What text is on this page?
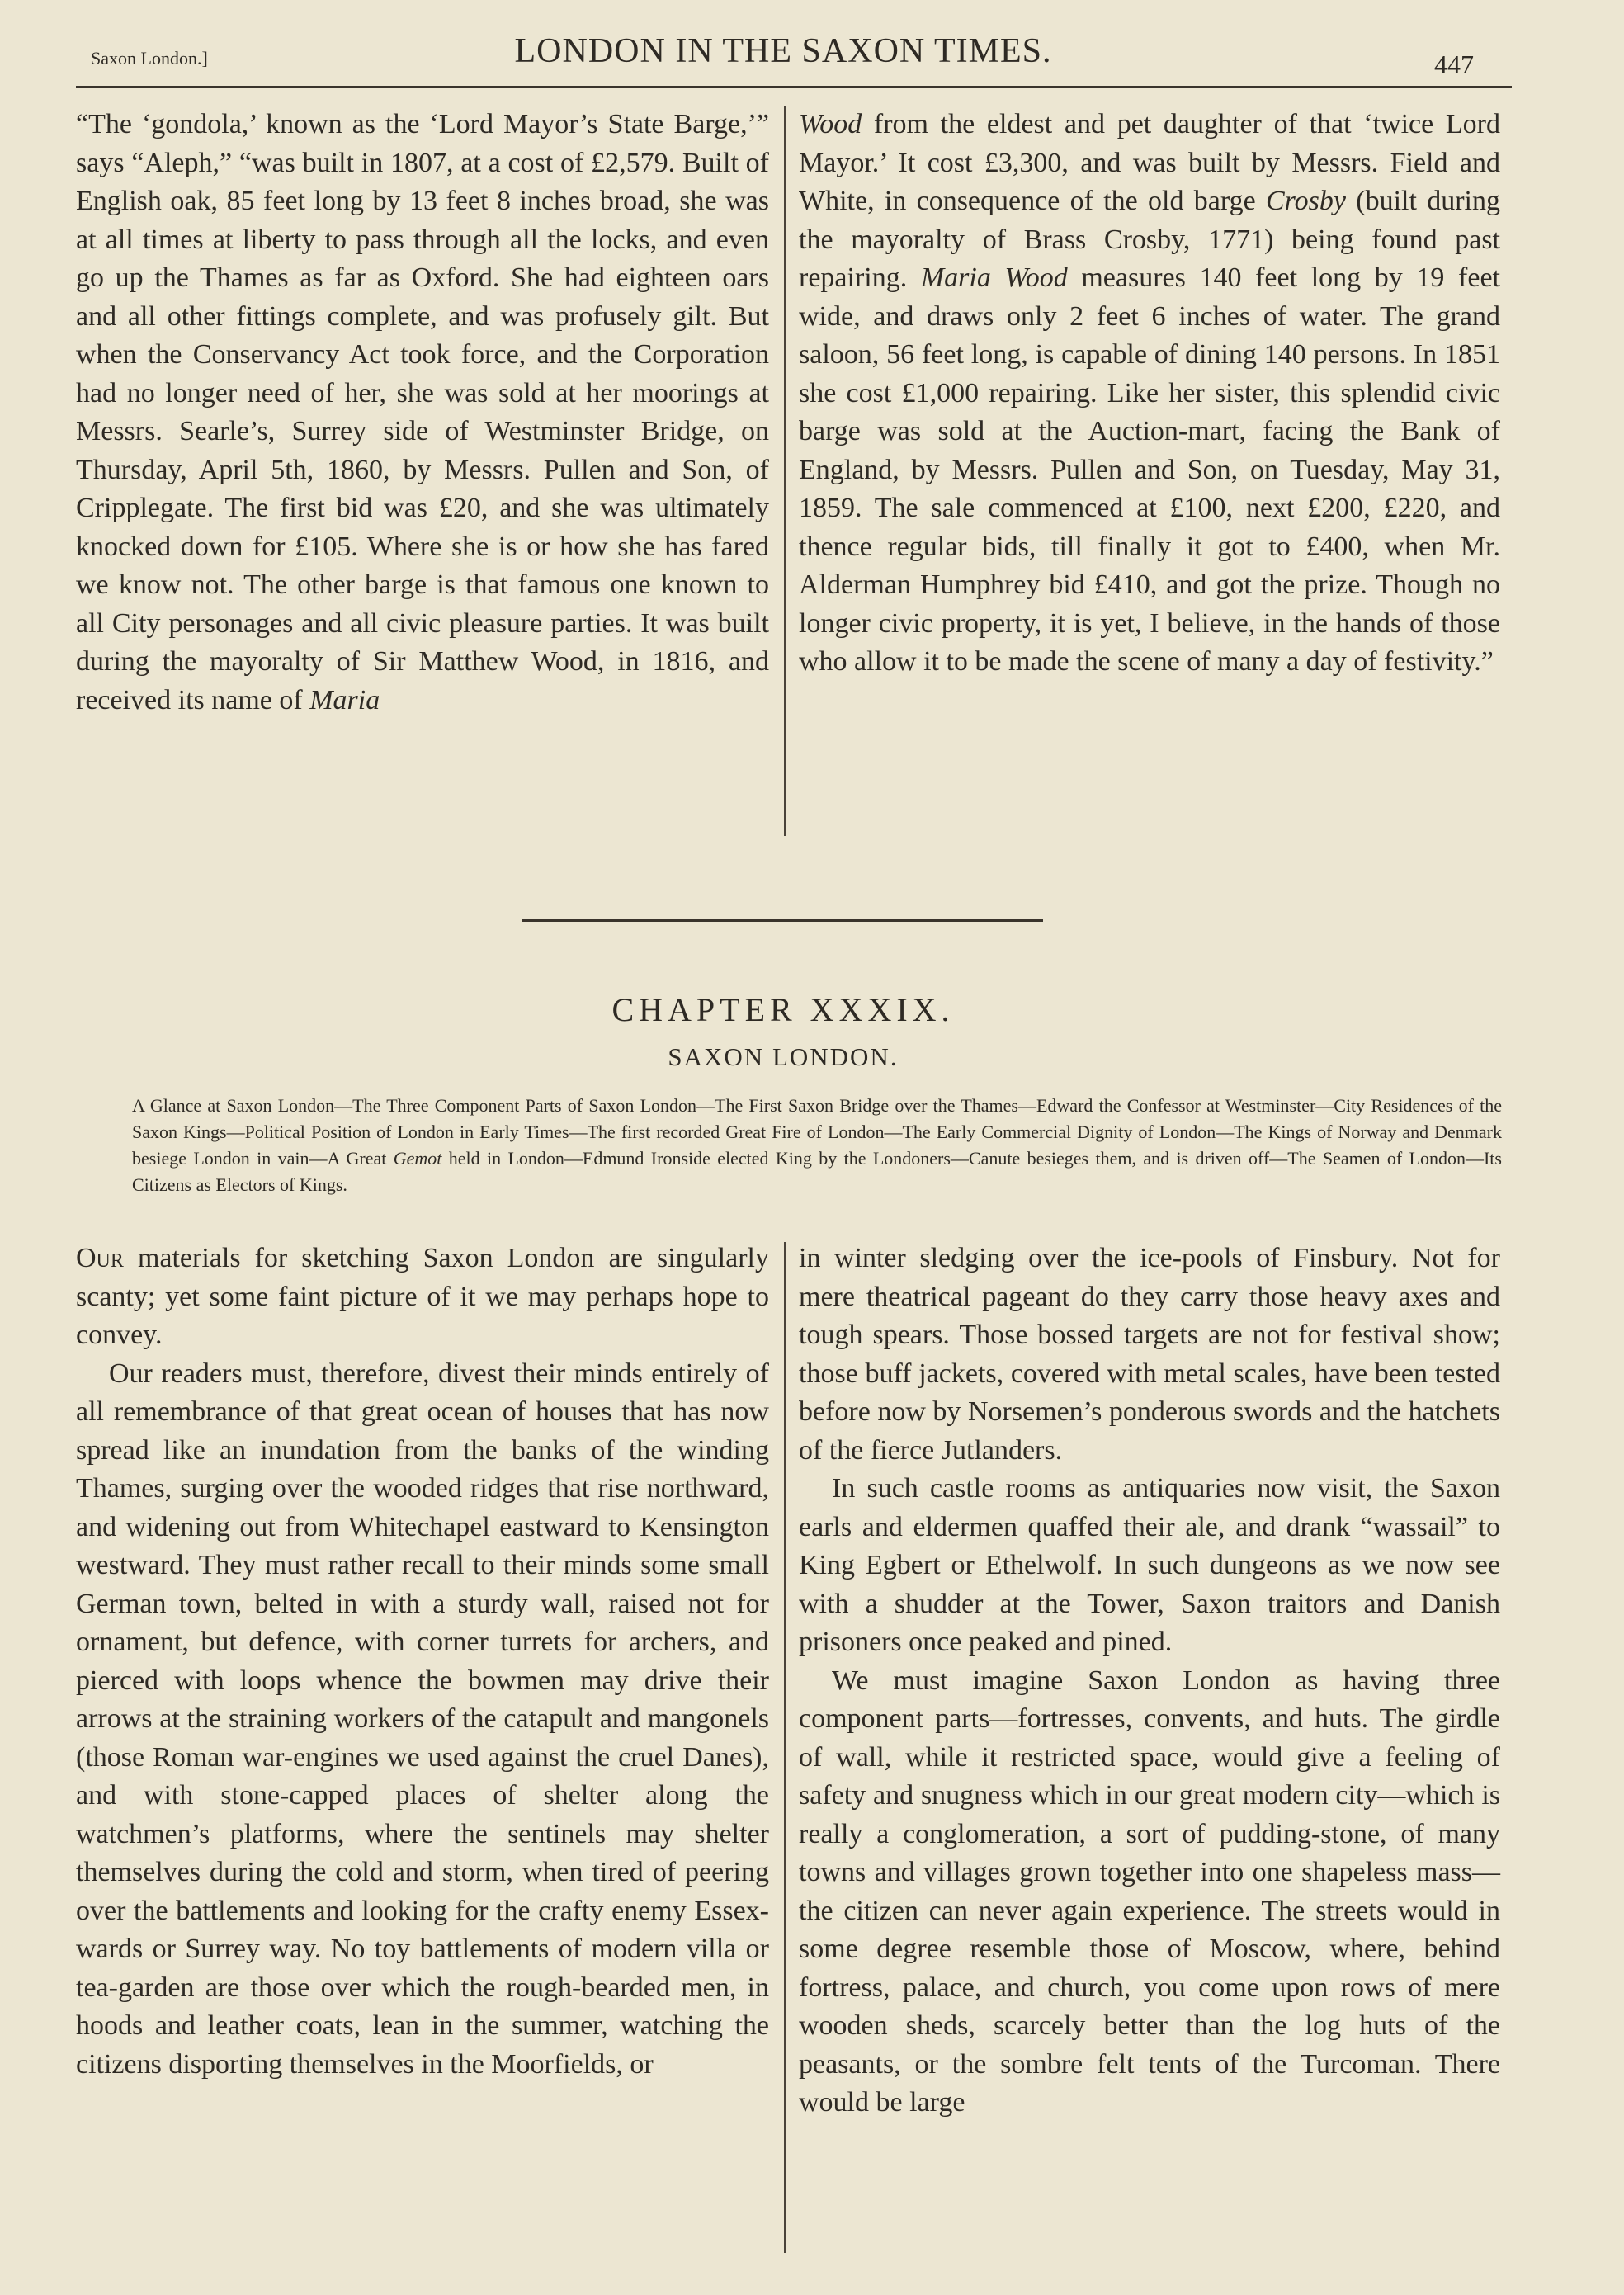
Saxon London.]	LONDON IN THE SAXON TIMES.	447

“The ‘gondola,’ known as the ‘Lord Mayor’s State Barge,’” says “Aleph,” “was built in 1807, at a cost of £2,579. Built of English oak, 85 feet long by 13 feet 8 inches broad, she was at all times at liberty to pass through all the locks, and even go up the Thames as far as Oxford. She had eighteen oars and all other fittings complete, and was profusely gilt. But when the Conservancy Act took force, and the Corporation had no longer need of her, she was sold at her moorings at Messrs. Searle’s, Surrey side of Westminster Bridge, on Thursday, April 5th, 1860, by Messrs. Pullen and Son, of Cripplegate. The first bid was £20, and she was ultimately knocked down for £105. Where she is or how she has fared we know not. The other barge is that famous one known to all City personages and all civic pleasure parties. It was built during the mayoralty of Sir Matthew Wood, in 1816, and received its name of Maria

Wood from the eldest and pet daughter of that ‘twice Lord Mayor.’ It cost £3,300, and was built by Messrs. Field and White, in consequence of the old barge Crosby (built during the mayoralty of Brass Crosby, 1771) being found past repairing. Maria Wood measures 140 feet long by 19 feet wide, and draws only 2 feet 6 inches of water. The grand saloon, 56 feet long, is capable of dining 140 persons. In 1851 she cost £1,000 repairing. Like her sister, this splendid civic barge was sold at the Auction-mart, facing the Bank of England, by Messrs. Pullen and Son, on Tuesday, May 31, 1859. The sale commenced at £100, next £200, £220, and thence regular bids, till finally it got to £400, when Mr. Alderman Humphrey bid £410, and got the prize. Though no longer civic property, it is yet, I believe, in the hands of those who allow it to be made the scene of many a day of festivity.”

CHAPTER XXXIX.
SAXON LONDON.
A Glance at Saxon London—The Three Component Parts of Saxon London—The First Saxon Bridge over the Thames—Edward the Confessor at Westminster—City Residences of the Saxon Kings—Political Position of London in Early Times—The first recorded Great Fire of London—The Early Commercial Dignity of London—The Kings of Norway and Denmark besiege London in vain—A Great Gemot held in London—Edmund Ironside elected King by the Londoners—Canute besieges them, and is driven off—The Seamen of London—Its Citizens as Electors of Kings.

Our materials for sketching Saxon London are singularly scanty; yet some faint picture of it we may perhaps hope to convey.

Our readers must, therefore, divest their minds entirely of all remembrance of that great ocean of houses that has now spread like an inundation from the banks of the winding Thames, surging over the wooded ridges that rise northward, and widening out from Whitechapel eastward to Kensington westward. They must rather recall to their minds some small German town, belted in with a sturdy wall, raised not for ornament, but defence, with corner turrets for archers, and pierced with loops whence the bowmen may drive their arrows at the straining workers of the catapult and mangonels (those Roman war-engines we used against the cruel Danes), and with stone-capped places of shelter along the watchmen’s platforms, where the sentinels may shelter themselves during the cold and storm, when tired of peering over the battlements and looking for the crafty enemy Essex-wards or Surrey way. No toy battlements of modern villa or tea-garden are those over which the rough-bearded men, in hoods and leather coats, lean in the summer, watching the citizens disporting themselves in the Moorfields, or

in winter sledging over the ice-pools of Finsbury. Not for mere theatrical pageant do they carry those heavy axes and tough spears. Those bossed targets are not for festival show; those buff jackets, covered with metal scales, have been tested before now by Norsemen’s ponderous swords and the hatchets of the fierce Jutlanders.

In such castle rooms as antiquaries now visit, the Saxon earls and eldermen quaffed their ale, and drank “wassail” to King Egbert or Ethelwolf. In such dungeons as we now see with a shudder at the Tower, Saxon traitors and Danish prisoners once peaked and pined.

We must imagine Saxon London as having three component parts—fortresses, convents, and huts. The girdle of wall, while it restricted space, would give a feeling of safety and snugness which in our great modern city—which is really a conglomeration, a sort of pudding-stone, of many towns and villages grown together into one shapeless mass—the citizen can never again experience. The streets would in some degree resemble those of Moscow, where, behind fortress, palace, and church, you come upon rows of mere wooden sheds, scarcely better than the log huts of the peasants, or the sombre felt tents of the Turcoman. There would be large
